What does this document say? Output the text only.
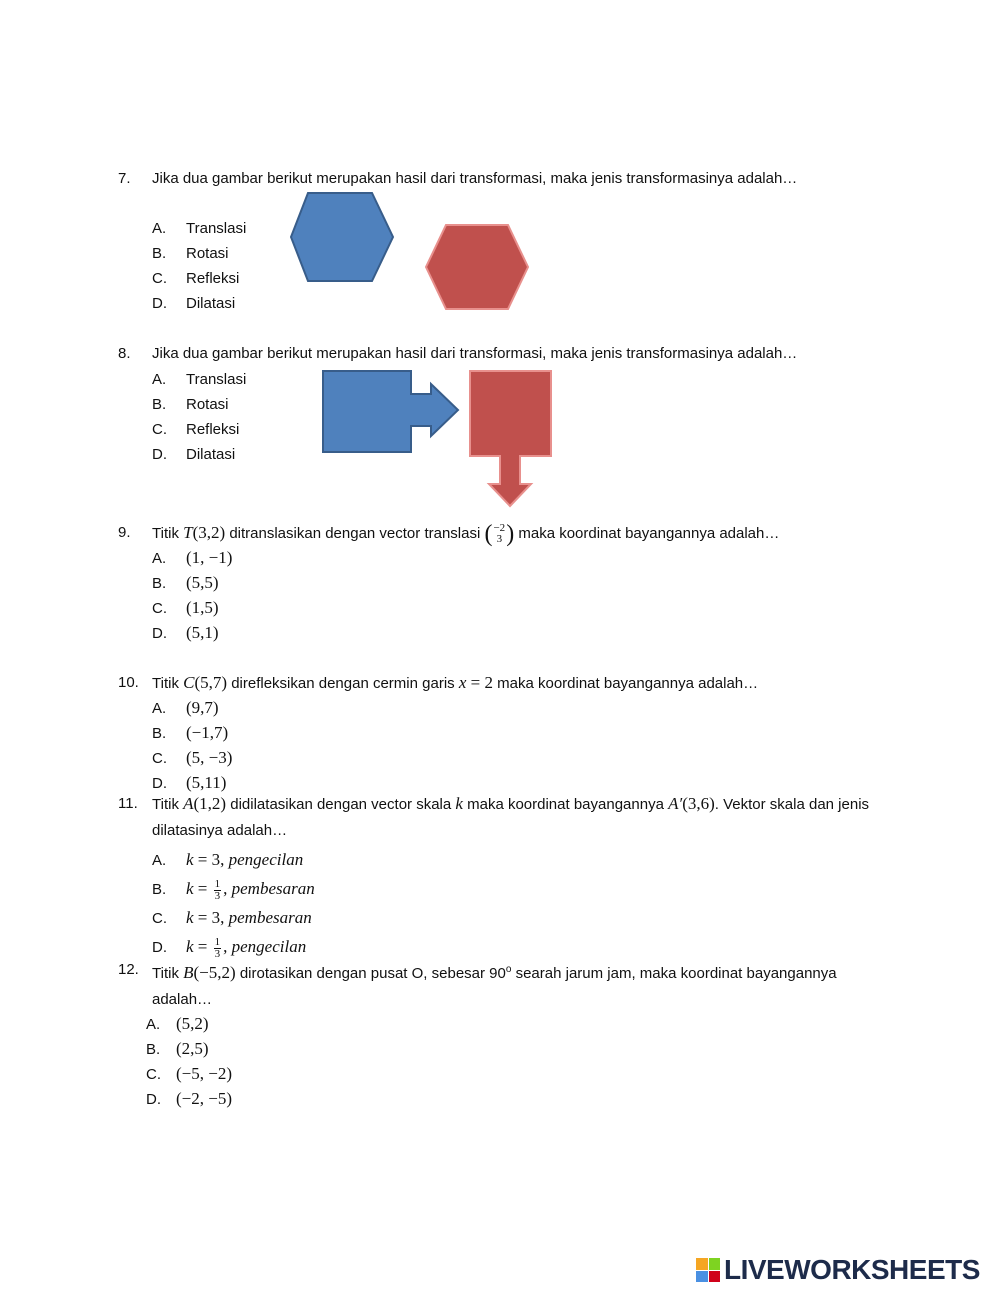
7.	Jika dua gambar berikut merupakan hasil dari transformasi, maka jenis transformasinya adalah…
A. Translasi
B. Rotasi
C. Refleksi
D. Dilatasi
8.	Jika dua gambar berikut merupakan hasil dari transformasi, maka jenis transformasinya adalah…
A. Translasi
B. Rotasi
C. Refleksi
D. Dilatasi
9.	Titik T(3,2) ditranslasikan dengan vector translasi ( −2
3 ) maka koordinat bayangannya adalah…
A. (1, −1)
B. (5,5)
C. (1,5)
D. (5,1)
10. Titik C(5,7) direfleksikan dengan cermin garis x = 2 maka koordinat bayangannya adalah…
A. (9,7)
B. (−1,7)
C. (5, −3)
D. (5,11)
11. Titik A(1,2) didilatasikan dengan vector skala k maka koordinat bayangannya A′(3,6). Vektor skala dan jenis dilatasinya adalah…
A. k = 3, pengecilan
B. $k = \frac{1}{3}$ , pembesaran
C. k = 3, pembesaran
D. $k = \frac{1}{3}$ , pengecilan
12. Titik B(−5,2) dirotasikan dengan pusat O, sebesar 90$^o$ searah jarum jam, maka koordinat bayangannya adalah…
A. (5,2)
B. (2,5)
C. (−5, −2)
D. (−2, −5)
LIVEWORKSHEETS
